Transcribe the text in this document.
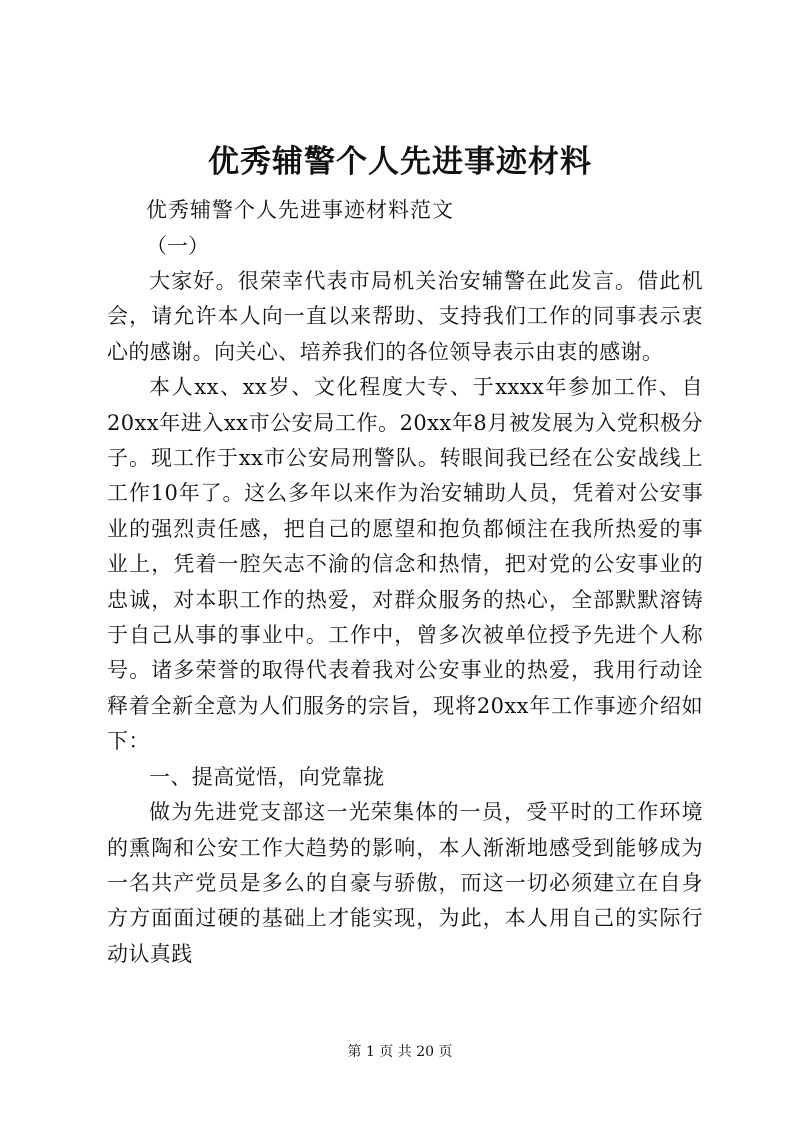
优秀辅警个人先进事迹材料
优秀辅警个人先进事迹材料范文
（一）

大家好。很荣幸代表市局机关治安辅警在此发言。借此机会，请允许本人向一直以来帮助、支持我们工作的同事表示衷心的感谢。向关心、培养我们的各位领导表示由衷的感谢。

本人xx、xx岁、文化程度大专、于xxxx年参加工作、自20xx年进入xx市公安局工作。20xx年8月被发展为入党积极分子。现工作于xx市公安局刑警队。转眼间我已经在公安战线上工作10年了。这么多年以来作为治安辅助人员，凭着对公安事业的强烈责任感，把自己的愿望和抱负都倾注在我所热爱的事业上，凭着一腔矢志不渝的信念和热情，把对党的公安事业的忠诚，对本职工作的热爱，对群众服务的热心，全部默默溶铸于自己从事的事业中。工作中，曾多次被单位授予先进个人称号。诸多荣誉的取得代表着我对公安事业的热爱，我用行动诠释着全新全意为人们服务的宗旨，现将20xx年工作事迹介绍如下：

一、提高觉悟，向党靠拢

做为先进党支部这一光荣集体的一员，受平时的工作环境的熏陶和公安工作大趋势的影响，本人渐渐地感受到能够成为一名共产党员是多么的自豪与骄傲，而这一切必须建立在自身方方面面过硬的基础上才能实现，为此，本人用自己的实际行动认真践

第 1 页 共 20 页
